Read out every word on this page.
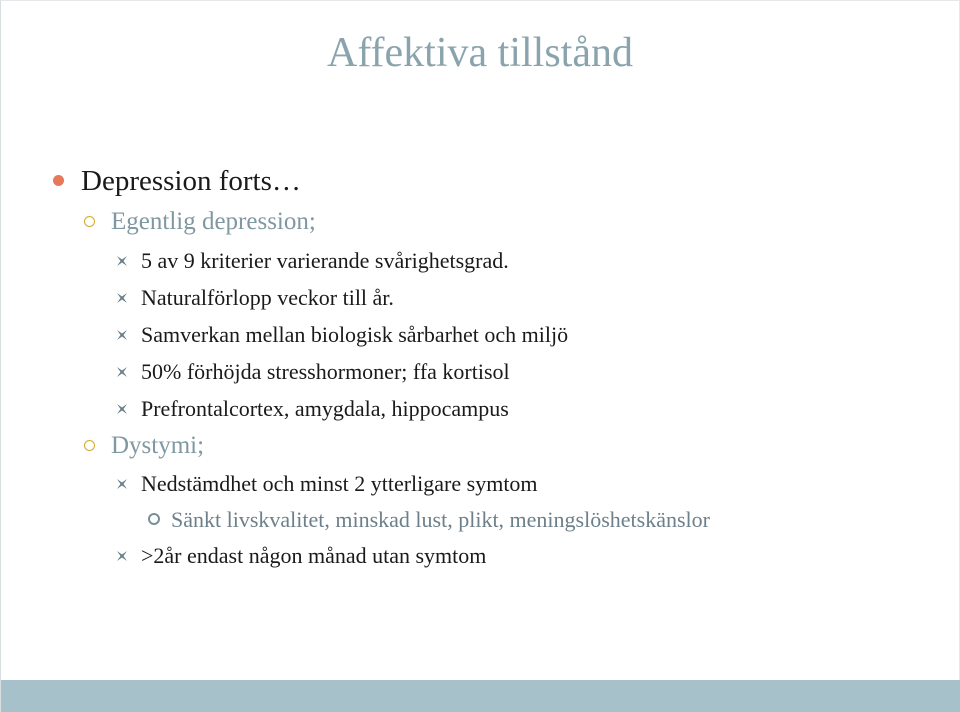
Affektiva tillstånd
Depression forts…
Egentlig depression;
5 av 9 kriterier varierande svårighetsgrad.
Naturalförlopp veckor till år.
Samverkan mellan biologisk sårbarhet och miljö
50% förhöjda stresshormoner; ffa kortisol
Prefrontalcortex, amygdala, hippocampus
Dystymi;
Nedstämdhet och minst 2 ytterligare symtom
Sänkt livskvalitet, minskad lust, plikt, meningslöshetskänslor
>2år endast någon månad utan symtom
